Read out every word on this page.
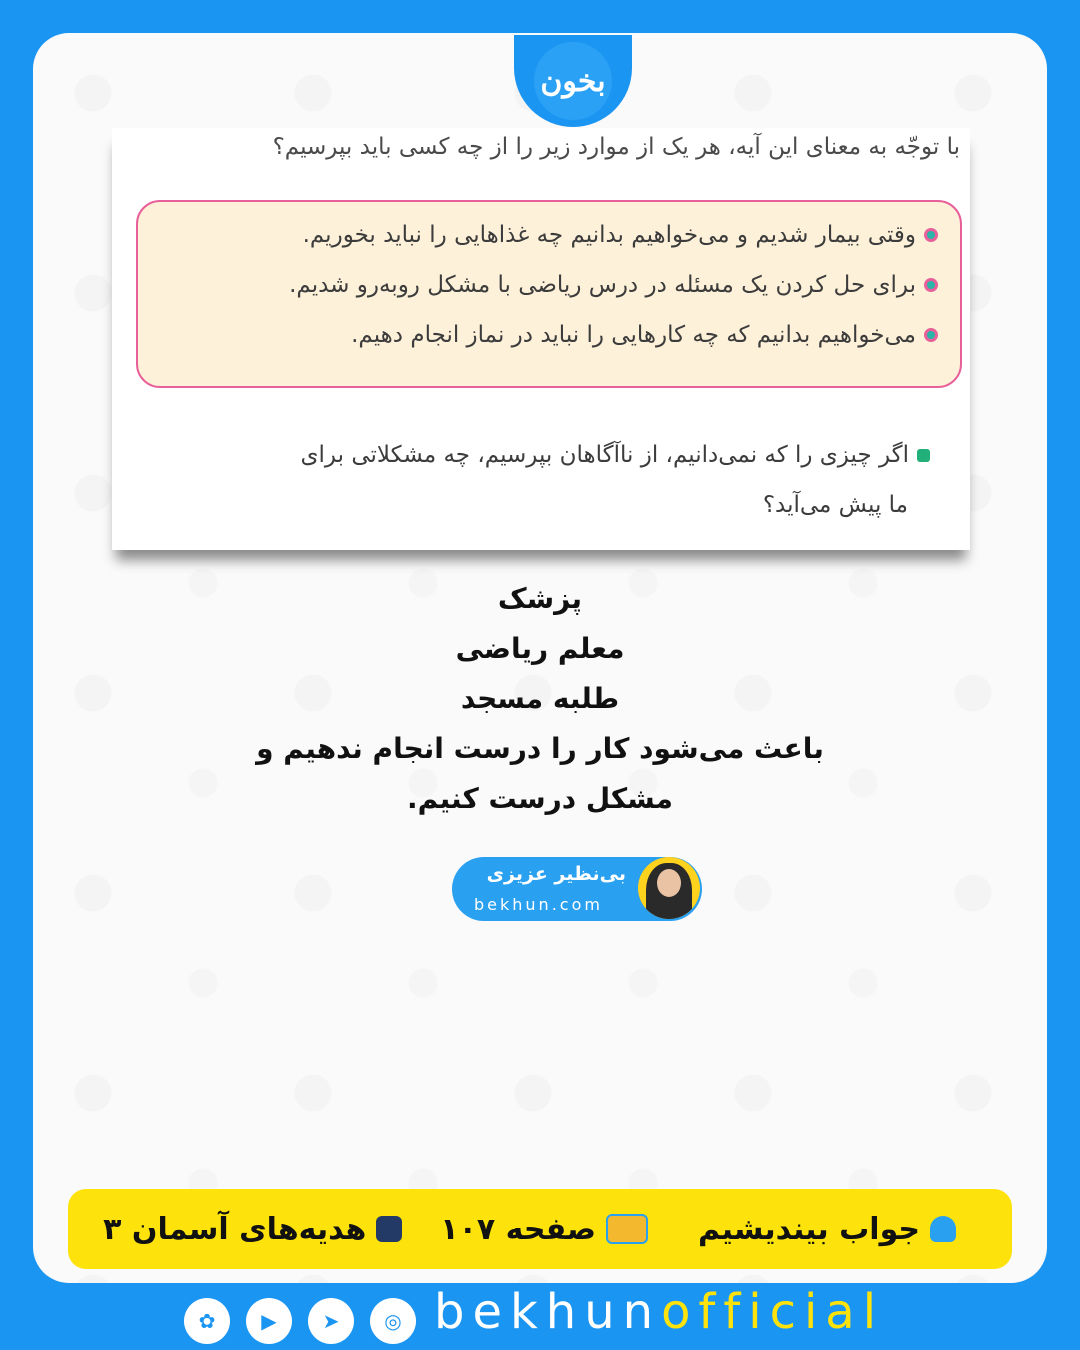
بخون
با توجّه به معنای این آیه، هر یک از موارد زیر را از چه کسی باید بپرسیم؟
وقتی بیمار شدیم و می‌خواهیم بدانیم چه غذاهایی را نباید بخوریم.
برای حل کردن یک مسئله در درس ریاضی با مشکل روبه‌رو شدیم.
می‌خواهیم بدانیم که چه کارهایی را نباید در نماز انجام دهیم.
اگر چیزی را که نمی‌دانیم، از ناآگاهان بپرسیم، چه مشکلاتی برای
ما پیش می‌آید؟
پزشک
معلم ریاضی
طلبه مسجد
باعث می‌شود کار را درست انجام ندهیم و
مشکل درست کنیم.
بی‌نظیر عزیزی
bekhun.com
جواب بیندیشیم
صفحه ۱۰۷
هدیه‌های آسمان ۳
✿	▶	➤	◎ bekhunofficial
